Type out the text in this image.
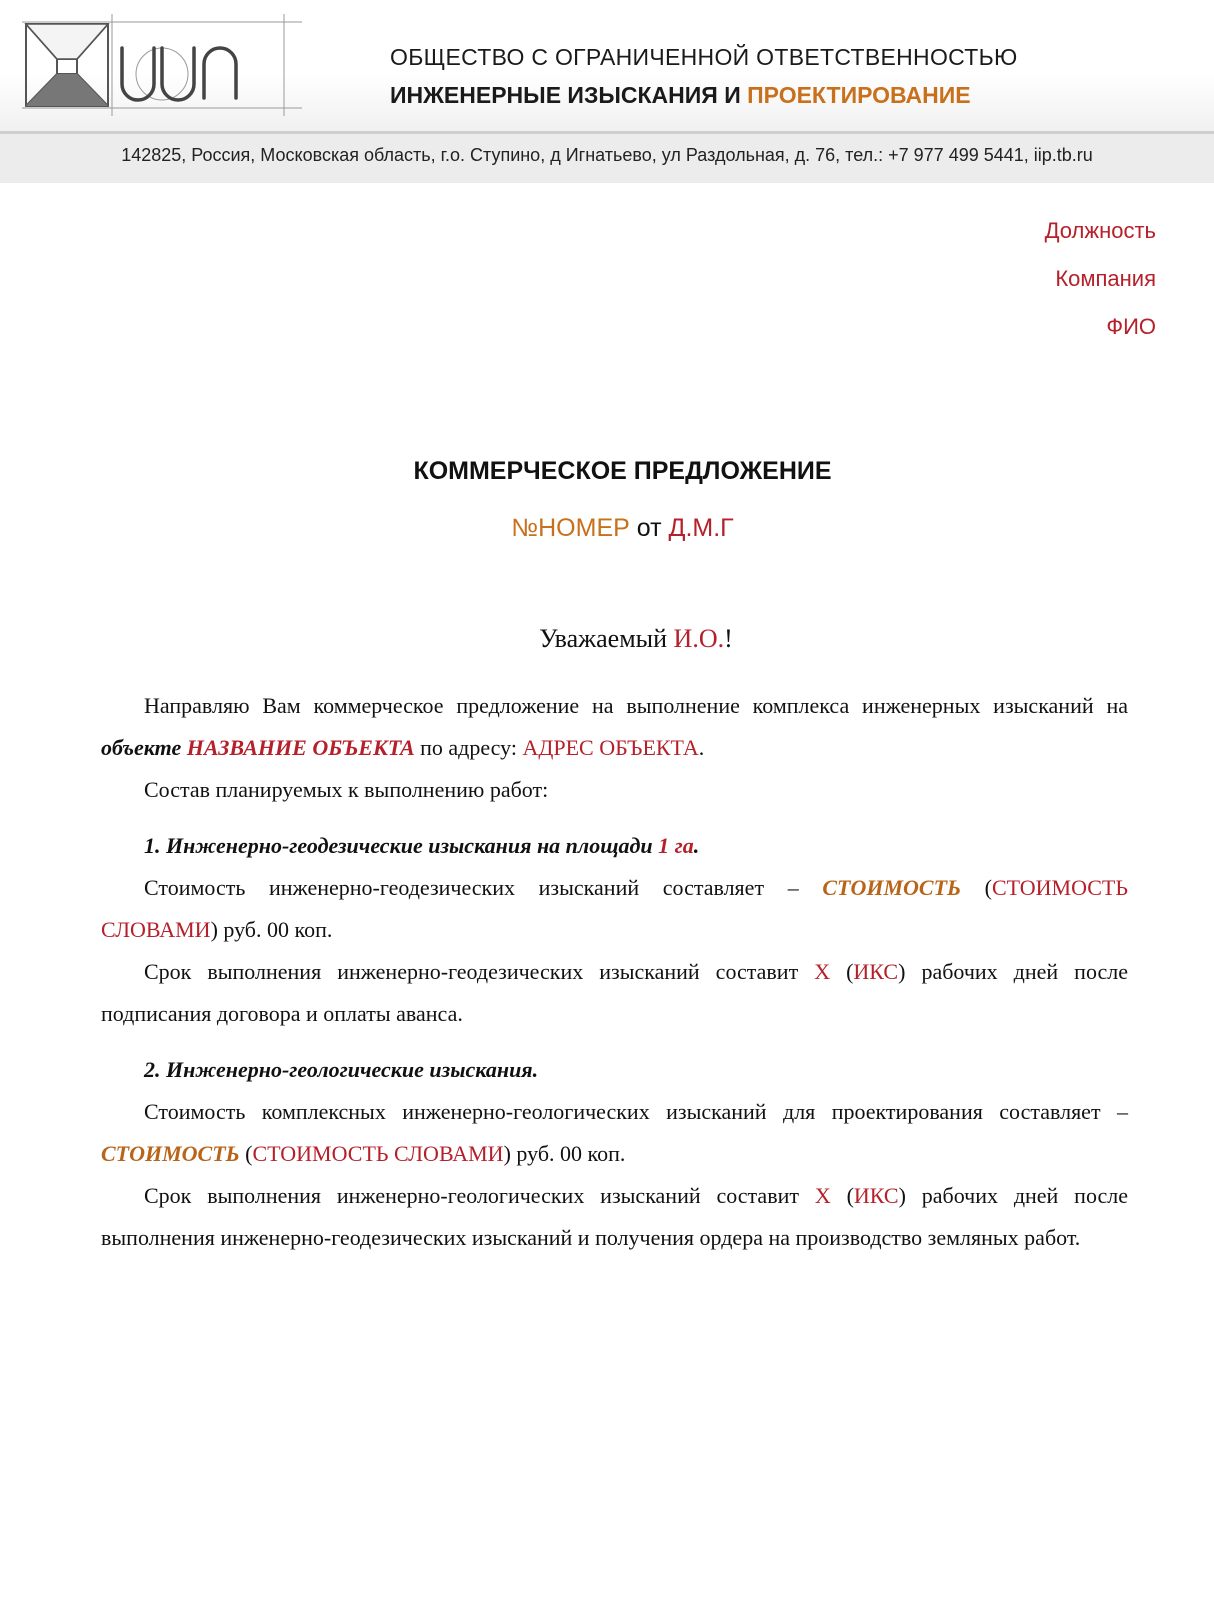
иип
ОБЩЕСТВО С ОГРАНИЧЕННОЙ ОТВЕТСТВЕННОСТЬЮ
ИНЖЕНЕРНЫЕ ИЗЫСКАНИЯ И ПРОЕКТИРОВАНИЕ
142825, Россия, Московская область, г.о. Ступино, д Игнатьево, ул Раздольная, д. 76, тел.: +7 977 499 5441, iip.tb.ru
Должность
Компания
ФИО
КОММЕРЧЕСКОЕ ПРЕДЛОЖЕНИЕ
№НОМЕР от Д.М.Г
Уважаемый И.О.!

Направляю Вам коммерческое предложение на выполнение комплекса инженерных изысканий на объекте НАЗВАНИЕ ОБЪЕКТА по адресу: АДРЕС ОБЪЕКТА.

Состав планируемых к выполнению работ:

1. Инженерно-геодезические изыскания на площади 1 га.

Стоимость инженерно-геодезических изысканий составляет – СТОИМОСТЬ (СТОИМОСТЬ СЛОВАМИ) руб. 00 коп.

Срок выполнения инженерно-геодезических изысканий составит Х (ИКС) рабочих дней после подписания договора и оплаты аванса.

2. Инженерно-геологические изыскания.

Стоимость комплексных инженерно-геологических изысканий для проектирования составляет – СТОИМОСТЬ (СТОИМОСТЬ СЛОВАМИ) руб. 00 коп.

Срок выполнения инженерно-геологических изысканий составит Х (ИКС) рабочих дней после выполнения инженерно-геодезических изысканий и получения ордера на производство земляных работ.
